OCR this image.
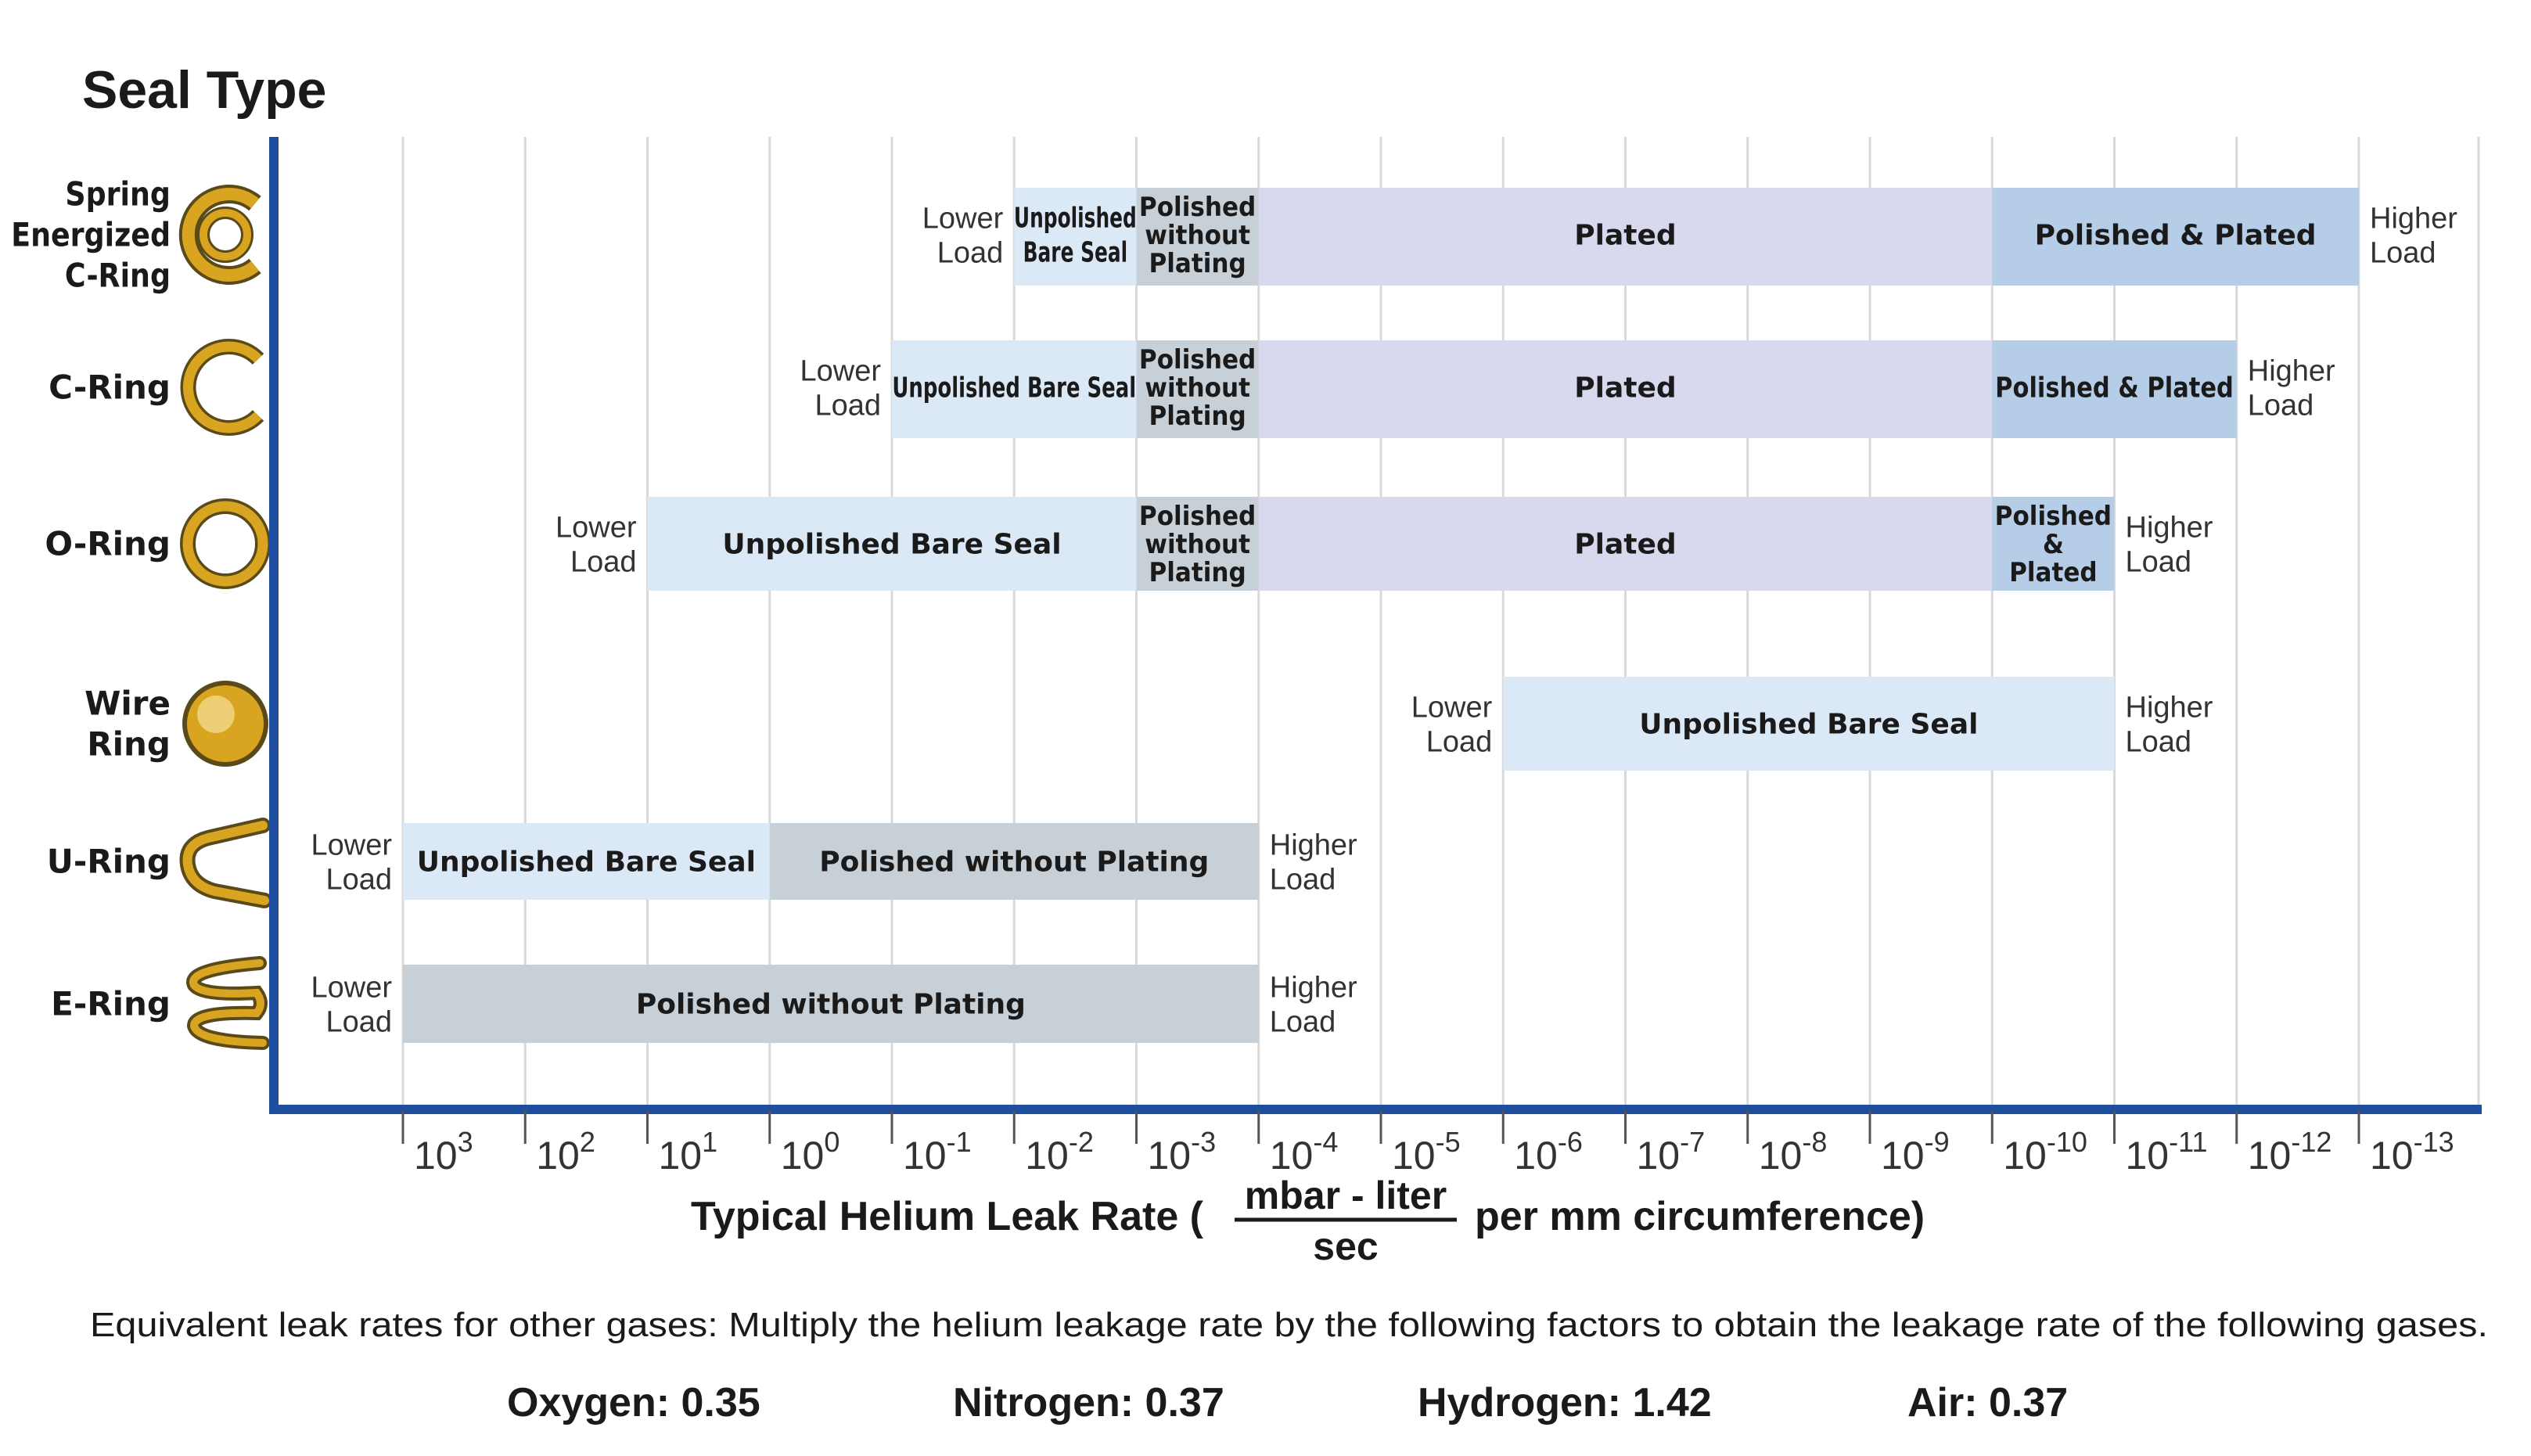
Seal Type
Unpolished Bare Seal
Polished without Plating
Plated	Polished & Plated
Lower Load
Higher Load
Unpolished Bare Seal
Polished without Plating
Plated	Polished & Plated
Lower Load
Higher Load
Unpolished Bare Seal
Polished without Plating
Plated
Polished & Plated
Lower Load
Higher Load
Unpolished Bare Seal
Lower Load
Higher Load
Unpolished Bare Seal Polished without Plating
Lower Load
Higher Load
Polished without Plating
Lower Load
Higher Load
Spring Energized C-Ring
C-Ring
O-Ring
Wire Ring
U-Ring
E-Ring
$10^3$ $10^2$ $10^1$ $10^0$ $10^{-1}$ $10^{-2}$ $10^{-3}$ $10^{-4}$ $10^{-5}$ $10^{-6}$ $10^{-7}$ $10^{-8}$ $10^{-9}$ $10^{-10}$ $10^{-11}$ $10^{-12}$ $10^{-13}$
Typical Helium Leak Rate ( mbar - liter
sec
per mm circumference)
Equivalent leak rates for other gases: Multiply the helium leakage rate by the following factors to obtain the leakage rate of the following gases.
Oxygen: 0.35	Nitrogen: 0.37	Hydrogen: 1.42	Air: 0.37
